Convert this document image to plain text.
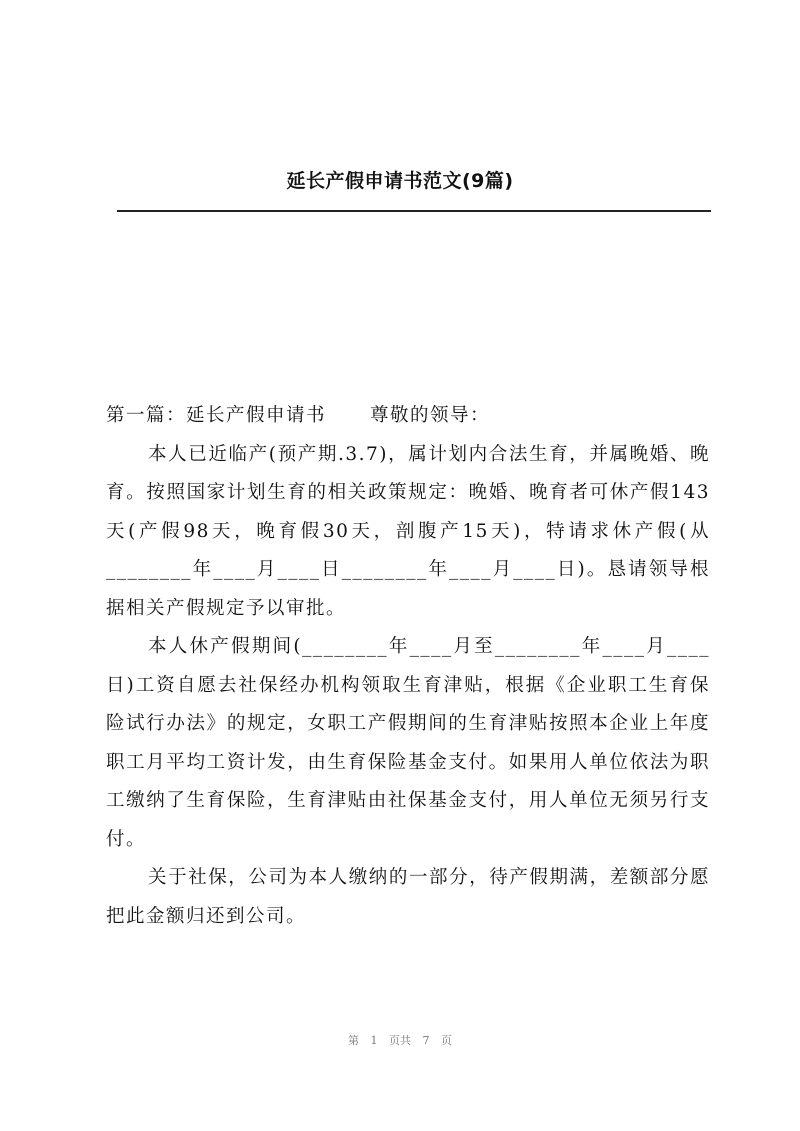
延长产假申请书范文(9篇)

第一篇：延长产假申请书 尊敬的领导：

本人已近临产(预产期.3.7)，属计划内合法生育，并属晚婚、晚育。按照国家计划生育的相关政策规定：晚婚、晚育者可休产假143天(产假98天，晚育假30天，剖腹产15天)，特请求休产假(从________年____月____日________年____月____日)。恳请领导根据相关产假规定予以审批。

本人休产假期间(________年____月至________年____月____日)工资自愿去社保经办机构领取生育津贴，根据《企业职工生育保险试行办法》的规定，女职工产假期间的生育津贴按照本企业上年度职工月平均工资计发，由生育保险基金支付。如果用人单位依法为职工缴纳了生育保险，生育津贴由社保基金支付，用人单位无须另行支付。

关于社保，公司为本人缴纳的一部分，待产假期满，差额部分愿把此金额归还到公司。

第 1 页共 7 页
